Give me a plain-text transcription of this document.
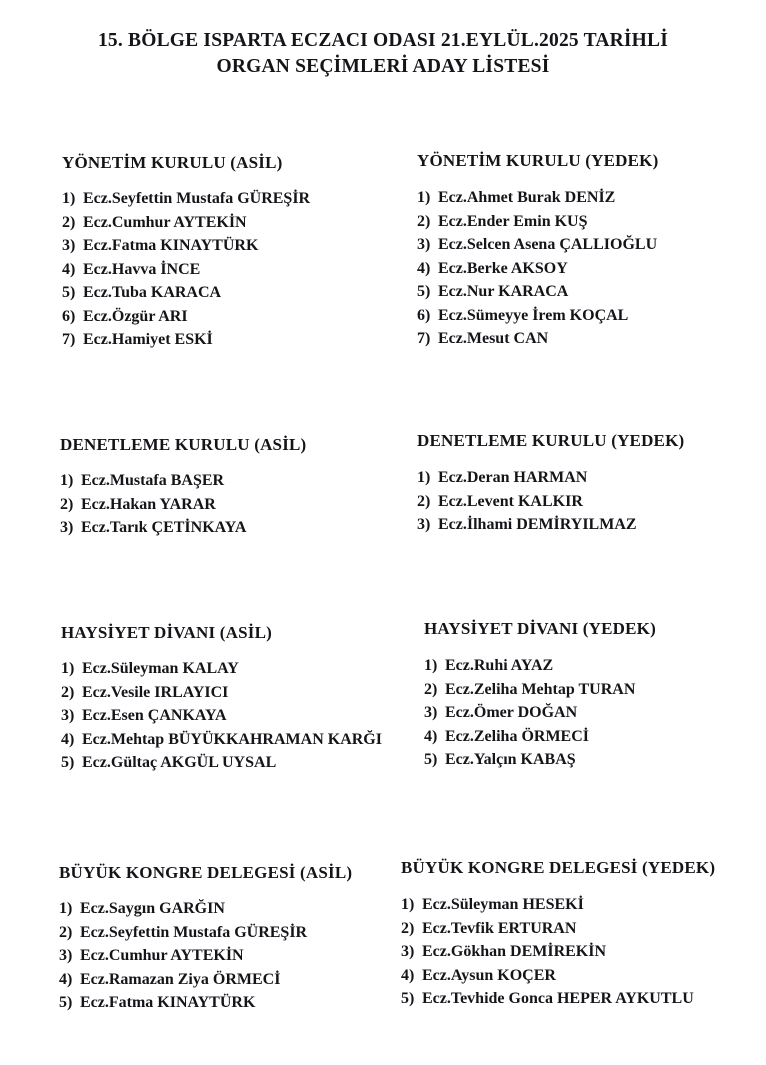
15. BÖLGE ISPARTA ECZACI ODASI 21.EYLÜL.2025 TARİHLİ
ORGAN SEÇİMLERİ ADAY LİSTESİ
YÖNETİM KURULU (ASİL)
1) Ecz.Seyfettin Mustafa GÜREŞİR
2) Ecz.Cumhur AYTEKİN
3) Ecz.Fatma KINAYTÜRK
4) Ecz.Havva İNCE
5) Ecz.Tuba KARACA
6) Ecz.Özgür ARI
7) Ecz.Hamiyet ESKİ
YÖNETİM KURULU (YEDEK)
1) Ecz.Ahmet Burak DENİZ
2) Ecz.Ender Emin KUŞ
3) Ecz.Selcen Asena ÇALLIOĞLU
4) Ecz.Berke AKSOY
5) Ecz.Nur KARACA
6) Ecz.Sümeyye İrem KOÇAL
7) Ecz.Mesut CAN
DENETLEME KURULU (ASİL)
1) Ecz.Mustafa BAŞER
2) Ecz.Hakan YARAR
3) Ecz.Tarık ÇETİNKAYA
DENETLEME KURULU (YEDEK)
1) Ecz.Deran HARMAN
2) Ecz.Levent KALKIR
3) Ecz.İlhami DEMİRYILMAZ
HAYSİYET DİVANI (ASİL)
1) Ecz.Süleyman KALAY
2) Ecz.Vesile IRLAYICI
3) Ecz.Esen ÇANKAYA
4) Ecz.Mehtap BÜYÜKKAHRAMAN KARĞI
5) Ecz.Gültaç AKGÜL UYSAL
HAYSİYET DİVANI (YEDEK)
1) Ecz.Ruhi AYAZ
2) Ecz.Zeliha Mehtap TURAN
3) Ecz.Ömer DOĞAN
4) Ecz.Zeliha ÖRMECİ
5) Ecz.Yalçın KABAŞ
BÜYÜK KONGRE DELEGESİ (ASİL)
1) Ecz.Saygın GARĞIN
2) Ecz.Seyfettin Mustafa GÜREŞİR
3) Ecz.Cumhur AYTEKİN
4) Ecz.Ramazan Ziya ÖRMECİ
5) Ecz.Fatma KINAYTÜRK
BÜYÜK KONGRE DELEGESİ (YEDEK)
1) Ecz.Süleyman HESEKİ
2) Ecz.Tevfik ERTURAN
3) Ecz.Gökhan DEMİREKİN
4) Ecz.Aysun KOÇER
5) Ecz.Tevhide Gonca HEPER AYKUTLU
